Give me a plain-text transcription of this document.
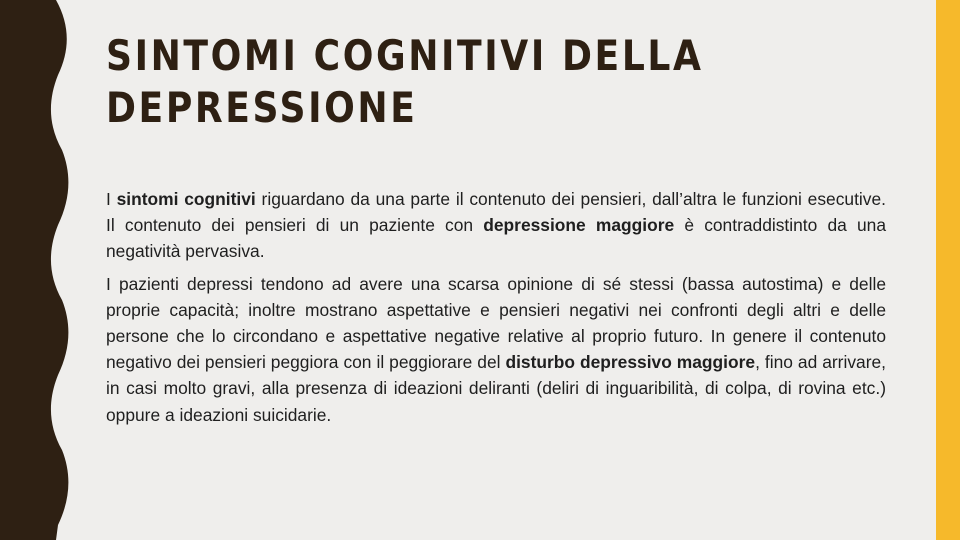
SINTOMI COGNITIVI DELLA
DEPRESSIONE

I sintomi cognitivi riguardano da una parte il contenuto dei pensieri, dall’altra le funzioni esecutive. Il contenuto dei pensieri di un paziente con depressione maggiore è contraddistinto da una negatività pervasiva.

I pazienti depressi tendono ad avere una scarsa opinione di sé stessi (bassa autostima) e delle proprie capacità; inoltre mostrano aspettative e pensieri negativi nei confronti degli altri e delle persone che lo circondano e aspettative negative relative al proprio futuro. In genere il contenuto negativo dei pensieri peggiora con il peggiorare del disturbo depressivo maggiore, fino ad arrivare, in casi molto gravi, alla presenza di ideazioni deliranti (deliri di inguaribilità, di colpa, di rovina etc.) oppure a ideazioni suicidarie.
